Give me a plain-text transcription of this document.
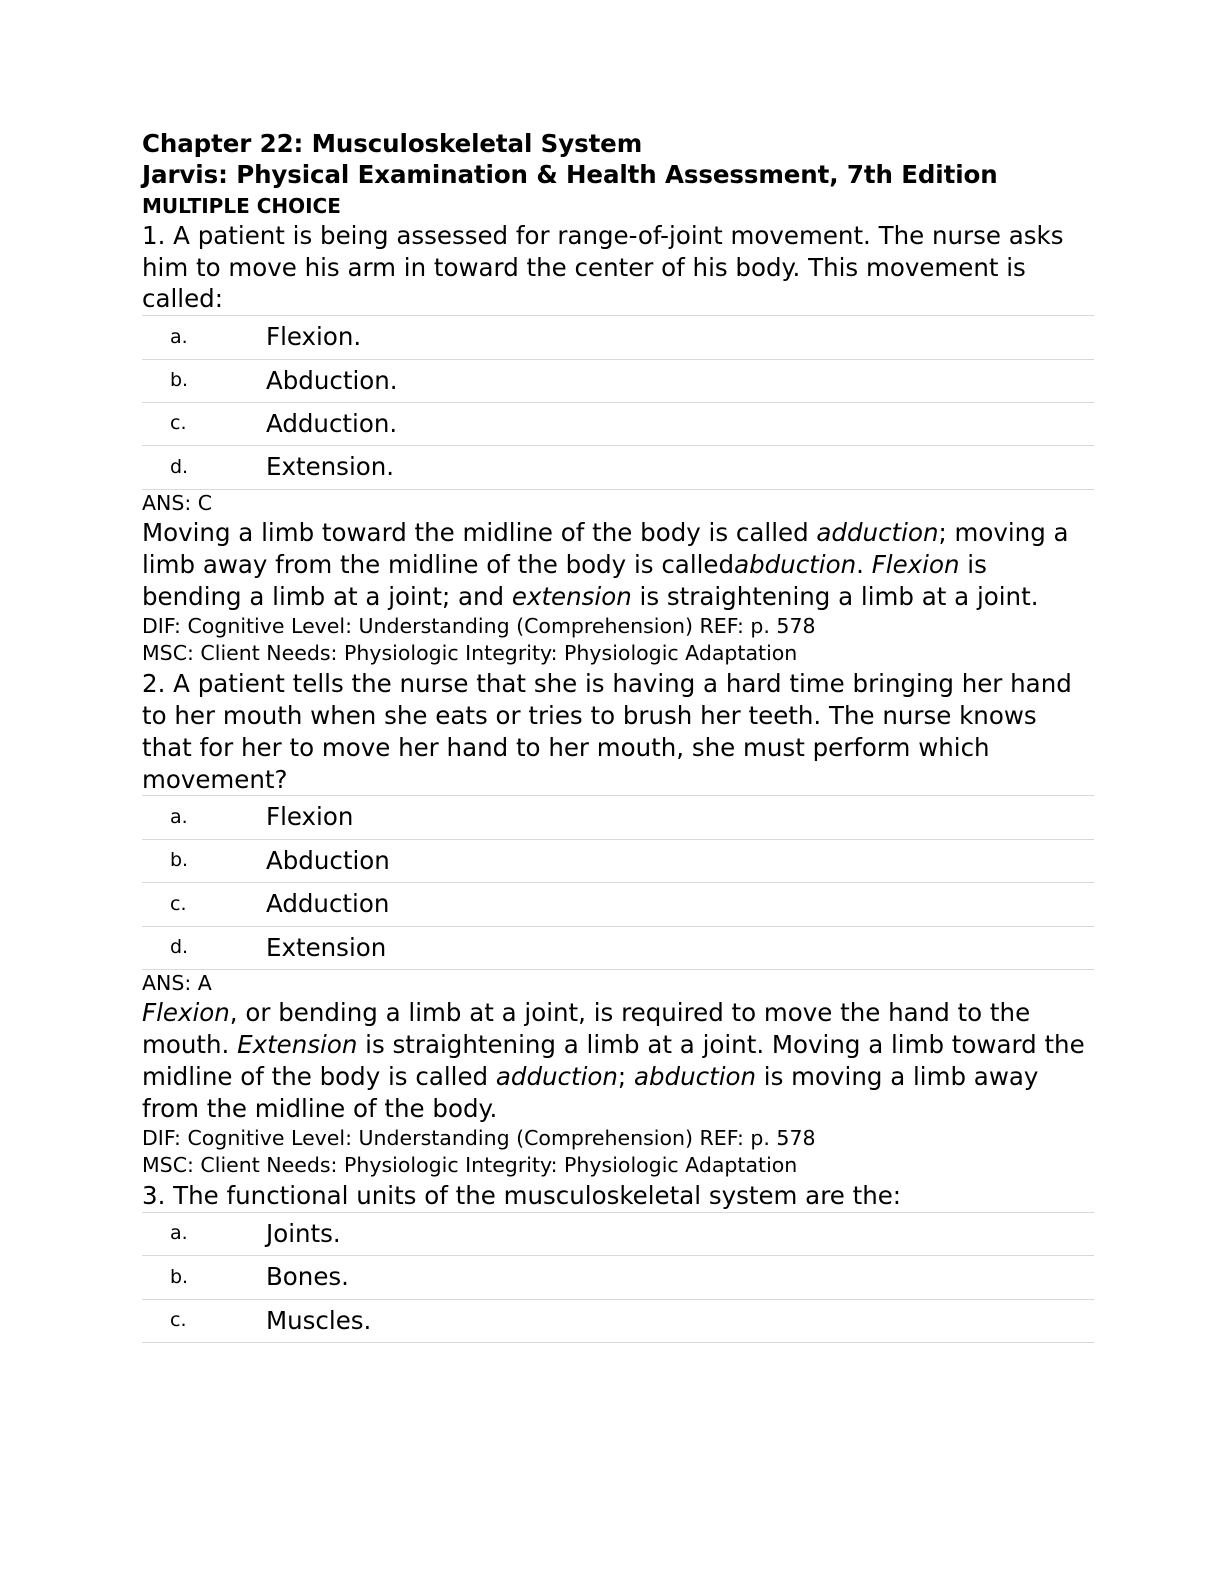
Chapter 22: Musculoskeletal System
Jarvis: Physical Examination & Health Assessment, 7th Edition
MULTIPLE CHOICE
1. A patient is being assessed for range-of-joint movement. The nurse asks him to move his arm in toward the center of his body. This movement is called:
a.	Flexion.
b.	Abduction.
c.	Adduction.
d.	Extension.
ANS: C
Moving a limb toward the midline of the body is called adduction; moving a limb away from the midline of the body is calledabduction. Flexion is bending a limb at a joint; and extension is straightening a limb at a joint.
DIF: Cognitive Level: Understanding (Comprehension) REF: p. 578
MSC: Client Needs: Physiologic Integrity: Physiologic Adaptation
2. A patient tells the nurse that she is having a hard time bringing her hand to her mouth when she eats or tries to brush her teeth. The nurse knows that for her to move her hand to her mouth, she must perform which movement?
a.	Flexion
b.	Abduction
c.	Adduction
d.	Extension
ANS: A
Flexion, or bending a limb at a joint, is required to move the hand to the mouth. Extension is straightening a limb at a joint. Moving a limb toward the midline of the body is called adduction; abduction is moving a limb away from the midline of the body.
DIF: Cognitive Level: Understanding (Comprehension) REF: p. 578
MSC: Client Needs: Physiologic Integrity: Physiologic Adaptation
3. The functional units of the musculoskeletal system are the:
a.	Joints.
b.	Bones.
c.	Muscles.
